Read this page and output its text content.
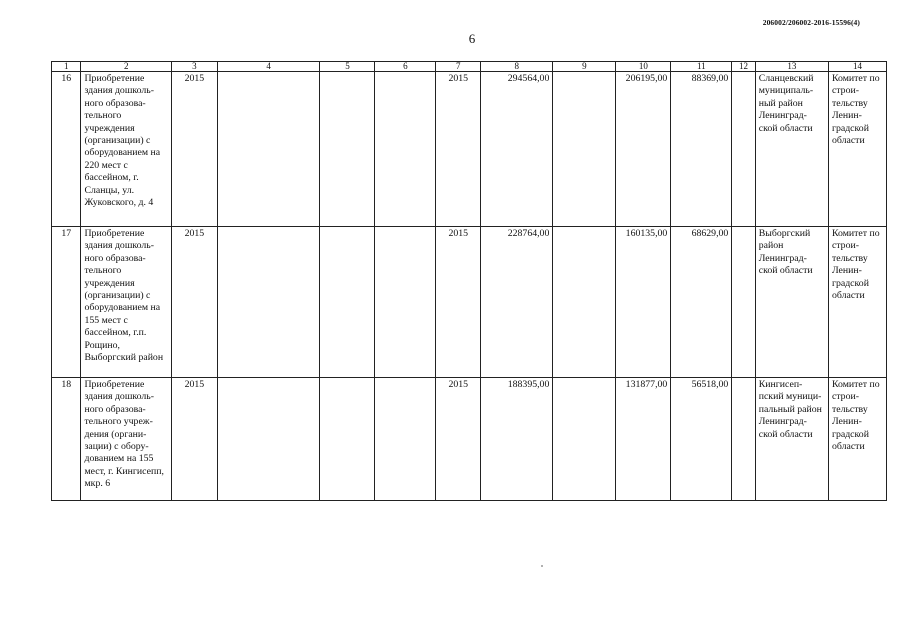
206002/206002-2016-15596(4)
6
1	2	3	4	5	6	7	8	9	10	11	12	13	14
16	Приобретение здания дошколь-ного образова-тельного учреждения (организации) с оборудованием на 220 мест с бассейном, г. Сланцы, ул. Жуковского, д. 4	2015				2015	294564,00		206195,00	88369,00		Сланцевский муниципаль-ный район Ленинград-ской области	Комитет по строи-тельству Ленин-градской области
17	Приобретение здания дошколь-ного образова-тельного учреждения (организации) с оборудованием на 155 мест с бассейном, г.п. Рощино, Выборгский район	2015				2015	228764,00		160135,00	68629,00		Выборгский район Ленинград-ской области	Комитет по строи-тельству Ленин-градской области
18	Приобретение здания дошколь-ного образова-тельного учреж-дения (органи-зации) с обору-дованием на 155 мест, г. Кингисепп, мкр. 6	2015				2015	188395,00		131877,00	56518,00		Кингисеп-пский муници-пальный район Ленинград-ской области	Комитет по строи-тельству Ленин-градской области
